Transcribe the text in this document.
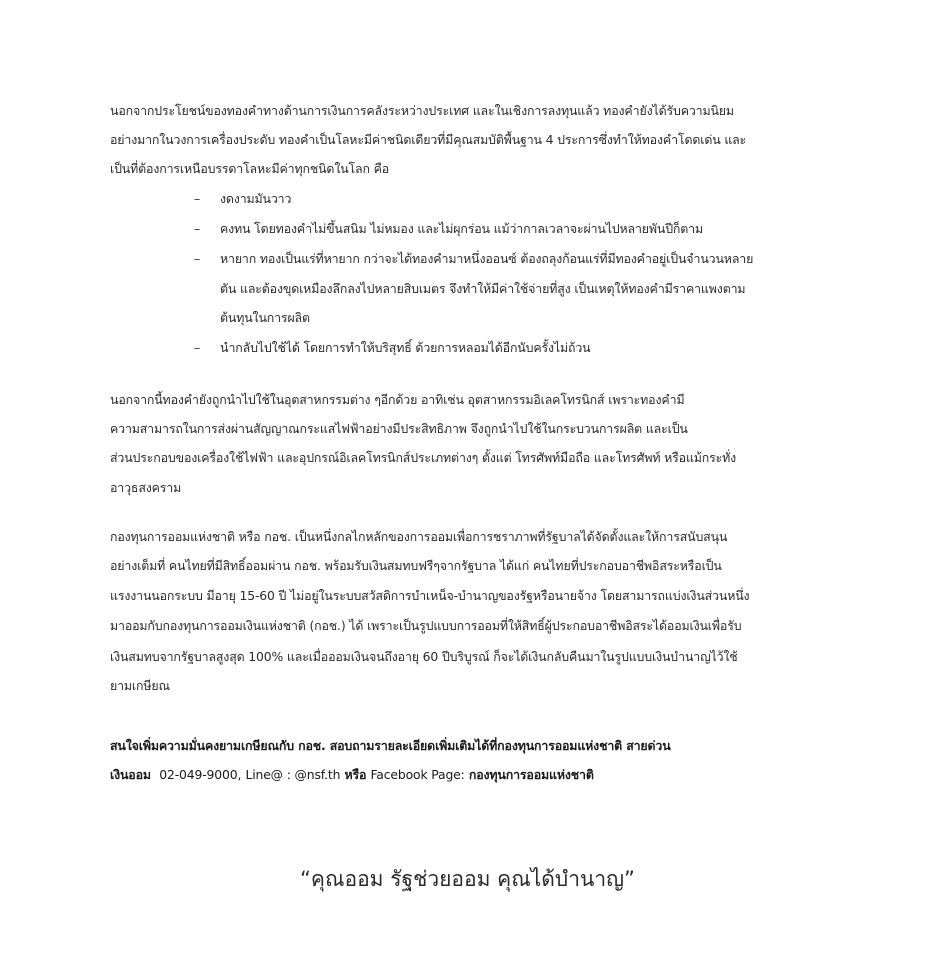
นอกจากประโยชน์ของทองคำทางด้านการเงินการคลังระหว่างประเทศ และในเชิงการลงทุนแล้ว ทองคำยังได้รับความนิยม
อย่างมากในวงการเครื่องประดับ ทองคำเป็นโลหะมีค่าชนิดเดียวที่มีคุณสมบัติพื้นฐาน 4 ประการซึ่งทำให้ทองคำโดดเด่น และ
เป็นที่ต้องการเหนือบรรดาโลหะมีค่าทุกชนิดในโลก คือ
– งดงามมันวาว
– คงทน โดยทองคำไม่ขึ้นสนิม ไม่หมอง และไม่ผุกร่อน แม้ว่ากาลเวลาจะผ่านไปหลายพันปีก็ตาม
– หายาก ทองเป็นแร่ที่หายาก กว่าจะได้ทองคำมาหนึ่งออนซ์ ต้องถลุงก้อนแร่ที่มีทองคำอยู่เป็นจำนวนหลาย
ตัน และต้องขุดเหมืองลึกลงไปหลายสิบเมตร จึงทำให้มีค่าใช้จ่ายที่สูง เป็นเหตุให้ทองคำมีราคาแพงตาม
ต้นทุนในการผลิต
– นำกลับไปใช้ได้ โดยการทำให้บริสุทธิ์ ด้วยการหลอมได้อีกนับครั้งไม่ถ้วน
นอกจากนี้ทองคำยังถูกนำไปใช้ในอุตสาหกรรมต่าง ๆอีกด้วย อาทิเช่น อุตสาหกรรมอิเลคโทรนิกส์ เพราะทองคำมี
ความสามารถในการส่งผ่านสัญญาณกระแสไฟฟ้าอย่างมีประสิทธิภาพ จึงถูกนำไปใช้ในกระบวนการผลิต และเป็น
ส่วนประกอบของเครื่องใช้ไฟฟ้า และอุปกรณ์อิเลคโทรนิกส์ประเภทต่างๆ ตั้งแต่ โทรศัพท์มือถือ และโทรศัพท์ หรือแม้กระทั่ง
อาวุธสงคราม
กองทุนการออมแห่งชาติ หรือ กอช. เป็นหนึ่งกลไกหลักของการออมเพื่อการชราภาพที่รัฐบาลได้จัดตั้งและให้การสนับสนุน
อย่างเต็มที่ คนไทยที่มีสิทธิ์ออมผ่าน กอช. พร้อมรับเงินสมทบฟรีๆจากรัฐบาล ได้แก่ คนไทยที่ประกอบอาชีพอิสระหรือเป็น
แรงงานนอกระบบ มีอายุ 15-60 ปี ไม่อยู่ในระบบสวัสดิการบำเหน็จ-บำนาญของรัฐหรือนายจ้าง โดยสามารถแบ่งเงินส่วนหนึ่ง
มาออมกับกองทุนการออมเงินแห่งชาติ (กอช.) ได้ เพราะเป็นรูปแบบการออมที่ให้สิทธิ์ผู้ประกอบอาชีพอิสระได้ออมเงินเพื่อรับ
เงินสมทบจากรัฐบาลสูงสุด 100% และเมื่อออมเงินจนถึงอายุ 60 ปีบริบูรณ์ ก็จะได้เงินกลับคืนมาในรูปแบบเงินบำนาญไว้ใช้
ยามเกษียณ
สนใจเพิ่มความมั่นคงยามเกษียณกับ กอช. สอบถามรายละเอียดเพิ่มเติมได้ที่กองทุนการออมแห่งชาติ สายด่วน
เงินออม 02-049-9000, Line@ : @nsf.th หรือ Facebook Page: กองทุนการออมแห่งชาติ
“คุณออม รัฐช่วยออม คุณได้บำนาญ”
